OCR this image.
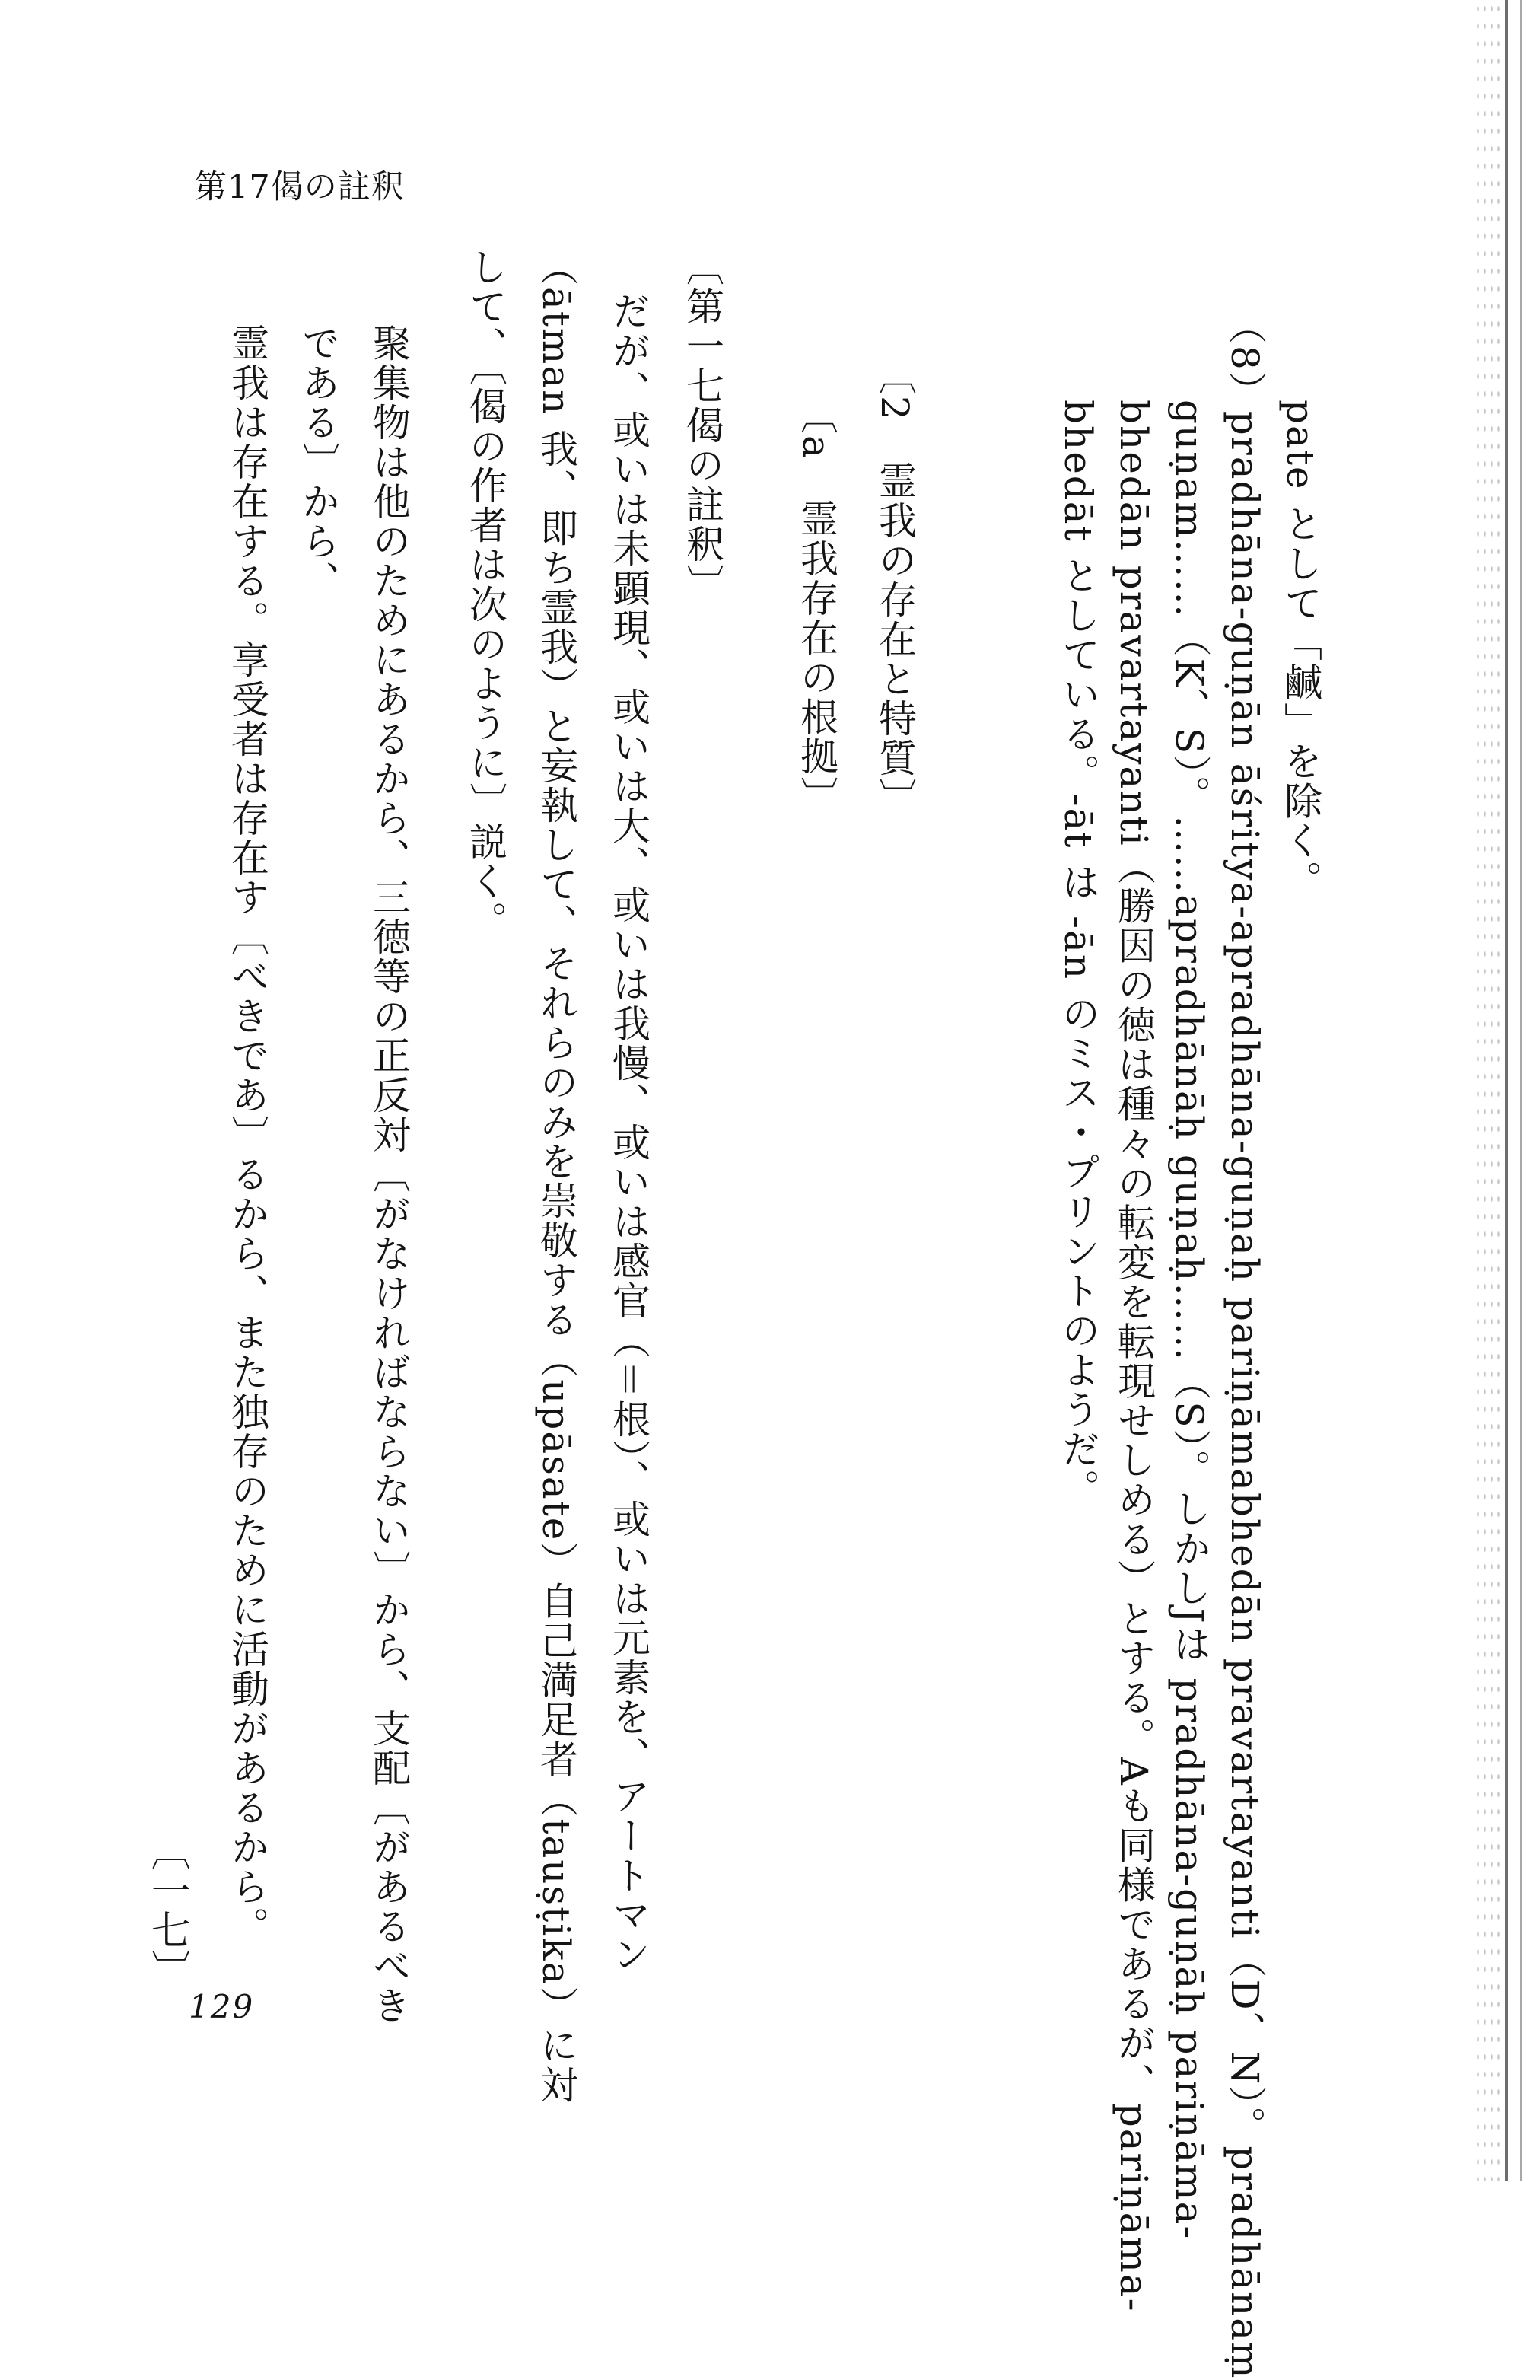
第17偈の註釈
pate として「鹹」を除く。
（8）pradhāna-guṇān āśritya-apradhāna-guṇaḥ pariṇāmabhedān pravartayanti（D、N）。pradhānaṃ
guṇam……（K、S）。……apradhānāḥ guṇaḥ……（S）。しかしJは pradhāna-guṇāḥ pariṇāma-
bhedān pravartayanti（勝因の徳は種々の転変を転現せしめる）とする。Aも同様であるが、pariṇāma-
bhedāt としている。-āt は -ān のミス・プリントのようだ。
〔2　霊我の存在と特質〕
〔a　霊我存在の根拠〕
〔第一七偈の註釈〕
だが、或いは未顕現、或いは大、或いは我慢、或いは感官（＝根）、或いは元素を、アートマン
（ātman 我、即ち霊我）と妄執して、それらのみを崇敬する（upāsate）自己満足者（tauṣṭika）に対
して、〔偈の作者は次のように〕説く。
聚集物は他のためにあるから、三徳等の正反対〔がなければならない〕から、支配〔があるべき
である〕から、
霊我は存在する。享受者は存在す〔べきであ〕るから、また独存のために活動があるから。
〔一七〕
129
